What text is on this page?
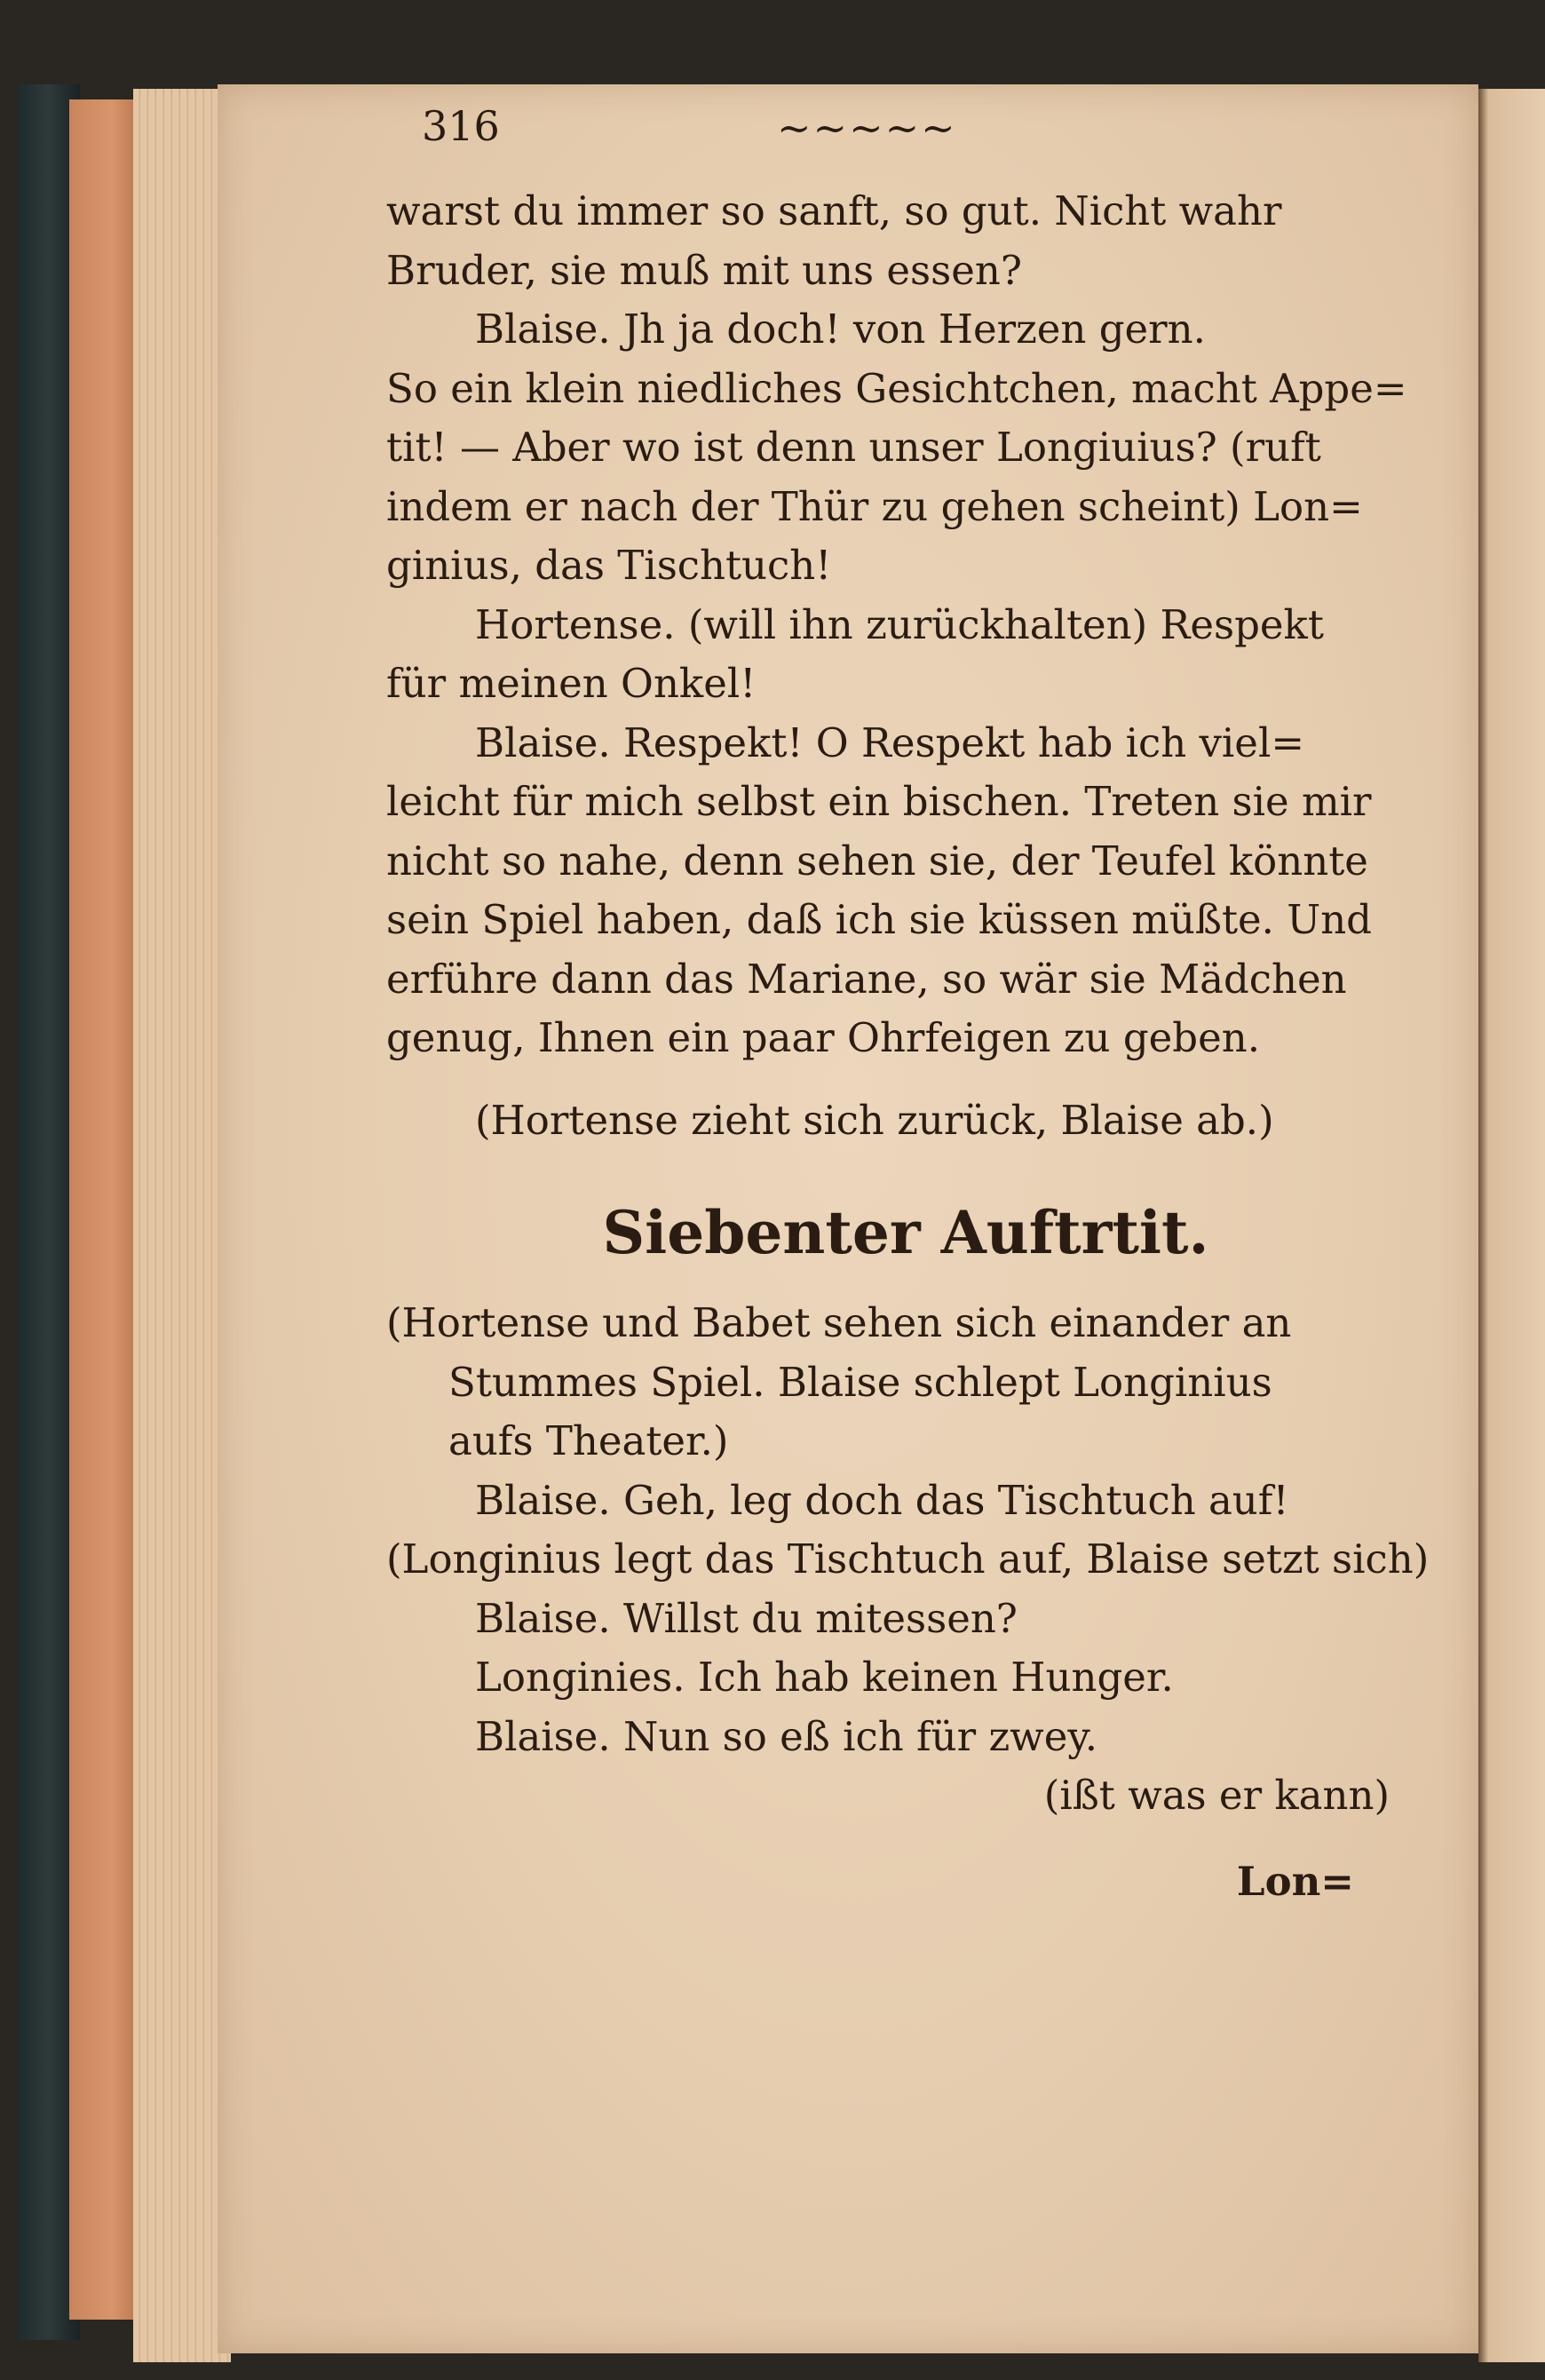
316	~~~~~

warst du immer so sanft, so gut. Nicht wahr

Bruder, sie muß mit uns essen?

Blaise. Jh ja doch! von Herzen gern.

So ein klein niedliches Gesichtchen, macht Appe=

tit! — Aber wo ist denn unser Longiuius? (ruft

indem er nach der Thür zu gehen scheint) Lon=

ginius, das Tischtuch!

Hortense. (will ihn zurückhalten) Respekt

für meinen Onkel!

Blaise. Respekt! O Respekt hab ich viel=

leicht für mich selbst ein bischen. Treten sie mir

nicht so nahe, denn sehen sie, der Teufel könnte

sein Spiel haben, daß ich sie küssen müßte. Und

erführe dann das Mariane, so wär sie Mädchen

genug, Ihnen ein paar Ohrfeigen zu geben.

(Hortense zieht sich zurück, Blaise ab.)

Siebenter Auftrtit.

(Hortense und Babet sehen sich einander an

Stummes Spiel. Blaise schlept Longinius

aufs Theater.)

Blaise. Geh, leg doch das Tischtuch auf!

(Longinius legt das Tischtuch auf, Blaise setzt sich)

Blaise. Willst du mitessen?

Longinies. Ich hab keinen Hunger.

Blaise. Nun so eß ich für zwey.

(ißt was er kann)

Lon=
